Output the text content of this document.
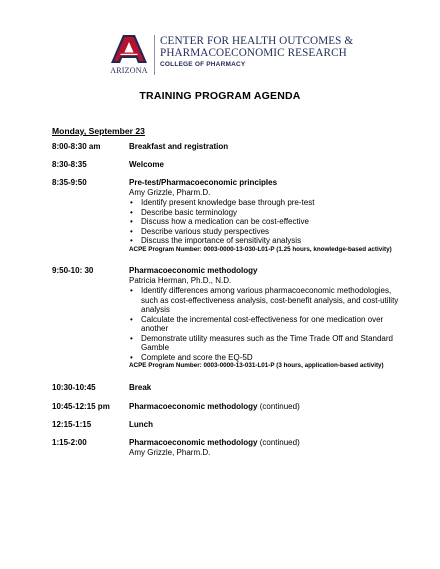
ARIZONA
CENTER FOR HEALTH OUTCOMES &
PHARMACOECONOMIC RESEARCH
COLLEGE OF PHARMACY
TRAINING PROGRAM AGENDA
Monday, September 23
8:00-8:30 am	Breakfast and registration
8:30-8:35	Welcome
8:35-9:50	Pre-test/Pharmacoeconomic principles
Amy Grizzle, Pharm.D.
• Identify present knowledge base through pre-test
• Describe basic terminology
• Discuss how a medication can be cost-effective
• Describe various study perspectives
• Discuss the importance of sensitivity analysis
ACPE Program Number: 0003-0000-13-030-L01-P (1.25 hours, knowledge-based activity)
9:50-10: 30	Pharmacoeconomic methodology
Patricia Herman, Ph.D., N.D.
• Identify differences among various pharmacoeconomic methodologies, such as cost-effectiveness analysis, cost-benefit analysis, and cost-utility analysis
• Calculate the incremental cost-effectiveness for one medication over another
• Demonstrate utility measures such as the Time Trade Off and Standard Gamble
• Complete and score the EQ-5D
ACPE Program Number: 0003-0000-13-031-L01-P (3 hours, application-based activity)
10:30-10:45	Break
10:45-12:15 pm	Pharmacoeconomic methodology (continued)
12:15-1:15	Lunch
1:15-2:00	Pharmacoeconomic methodology (continued)
Amy Grizzle, Pharm.D.
